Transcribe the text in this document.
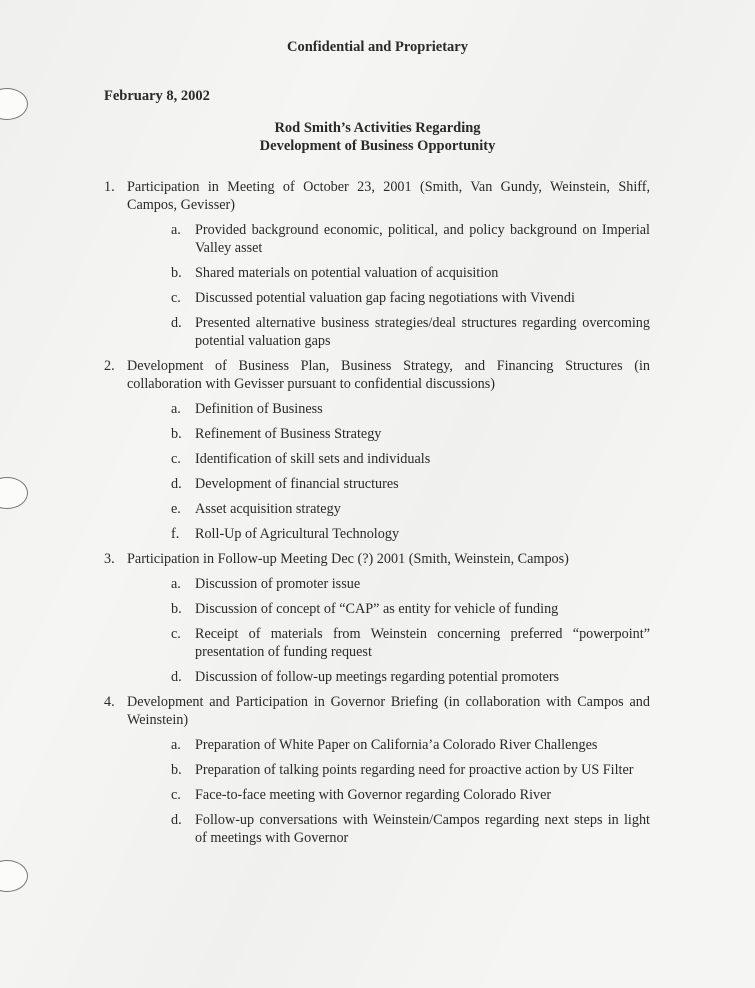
Confidential and Proprietary
February 8, 2002
Rod Smith’s Activities Regarding
Development of Business Opportunity
1. Participation in Meeting of October 23, 2001 (Smith, Van Gundy, Weinstein, Shiff, Campos, Gevisser)
a. Provided background economic, political, and policy background on Imperial Valley asset
b. Shared materials on potential valuation of acquisition
c. Discussed potential valuation gap facing negotiations with Vivendi
d. Presented alternative business strategies/deal structures regarding overcoming potential valuation gaps
2. Development of Business Plan, Business Strategy, and Financing Structures (in collaboration with Gevisser pursuant to confidential discussions)
a. Definition of Business
b. Refinement of Business Strategy
c. Identification of skill sets and individuals
d. Development of financial structures
e. Asset acquisition strategy
f. Roll-Up of Agricultural Technology
3. Participation in Follow-up Meeting Dec (?) 2001 (Smith, Weinstein, Campos)
a. Discussion of promoter issue
b. Discussion of concept of “CAP” as entity for vehicle of funding
c. Receipt of materials from Weinstein concerning preferred “powerpoint” presentation of funding request
d. Discussion of follow-up meetings regarding potential promoters
4. Development and Participation in Governor Briefing (in collaboration with Campos and Weinstein)
a. Preparation of White Paper on California’a Colorado River Challenges
b. Preparation of talking points regarding need for proactive action by US Filter
c. Face-to-face meeting with Governor regarding Colorado River
d. Follow-up conversations with Weinstein/Campos regarding next steps in light of meetings with Governor
